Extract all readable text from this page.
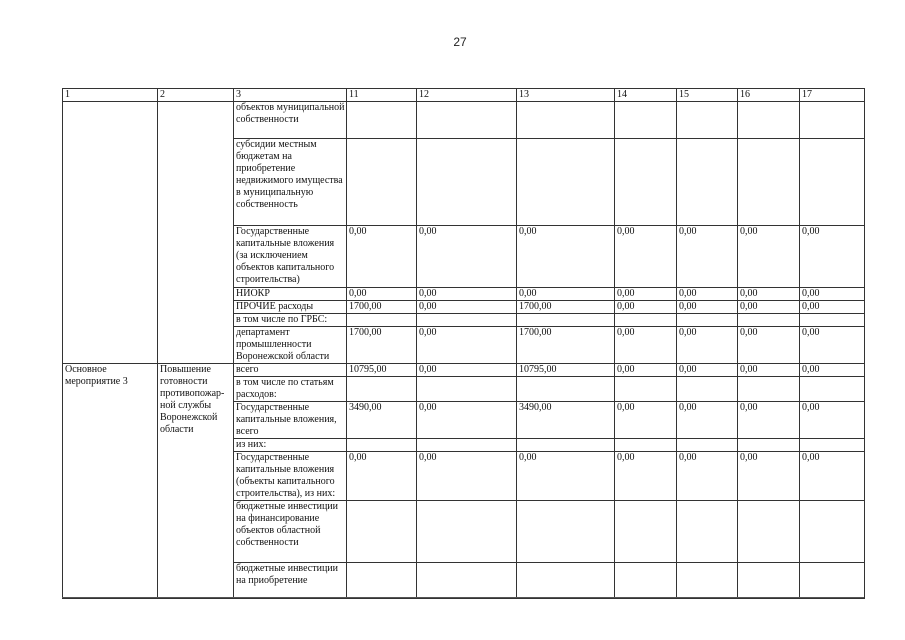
27
1	2	3	11	12	13	14	15	16	17
		объектов муниципальной собственности							
		субсидии местным бюджетам на приобретение недвижимого имущества в муниципальную собственность							
		Государственные капитальные вложения (за исключением объектов капитального строительства)	0,00	0,00	0,00	0,00	0,00	0,00	0,00
		НИОКР	0,00	0,00	0,00	0,00	0,00	0,00	0,00
		ПРОЧИЕ расходы	1700,00	0,00	1700,00	0,00	0,00	0,00	0,00
		в том числе по ГРБС:							
		департамент промышленности Воронежской области	1700,00	0,00	1700,00	0,00	0,00	0,00	0,00
Основное мероприятие 3	Повышение готовности противопожар-ной службы Воронежской области	всего	10795,00	0,00	10795,00	0,00	0,00	0,00	0,00
		в том числе по статьям расходов:							
		Государственные капитальные вложения, всего	3490,00	0,00	3490,00	0,00	0,00	0,00	0,00
		из них:							
		Государственные капитальные вложения (объекты капитального строительства), из них:	0,00	0,00	0,00	0,00	0,00	0,00	0,00
		бюджетные инвестиции на финансирование объектов областной собственности							
		бюджетные инвестиции на приобретение							
